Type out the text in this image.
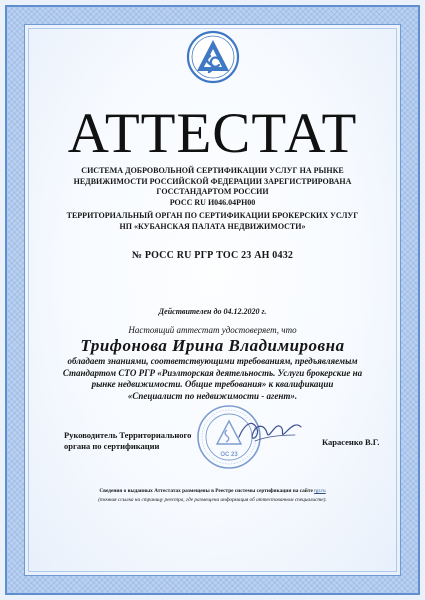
АТТЕСТАТ
СИСТЕМА ДОБРОВОЛЬНОЙ СЕРТИФИКАЦИИ УСЛУГ НА РЫНКЕ
НЕДВИЖИМОСТИ РОССИЙСКОЙ ФЕДЕРАЦИИ ЗАРЕГИСТРИРОВАНА
ГОССТАНДАРТОМ РОССИИ
РОСС RU И046.04РН00
ТЕРРИТОРИАЛЬНЫЙ ОРГАН ПО СЕРТИФИКАЦИИ БРОКЕРСКИХ УСЛУГ
НП «КУБАНСКАЯ ПАЛАТА НЕДВИЖИМОСТИ»
№ РОСС RU РГР ТОС 23 АН 0432
Действителен до 04.12.2020 г.
Настоящий аттестат удостоверяет, что
Трифонова Ирина Владимировна
обладает знаниями, соответствующими требованиям, предъявляемым
Стандартом СТО РГР «Риэлторская деятельность. Услуги брокерские на
рынке недвижимости. Общие требования» к квалификации
«Специалист по недвижимости - агент».
Руководитель Территориального
органа по сертификации
ОС 23
Карасенко В.Г.
Сведения о выданных Аттестатах размещены в Реестре системы сертификации на сайте rgr.ru
(точная ссылка на страницу реестра, где размещена информация об аттестованном специалисте).
